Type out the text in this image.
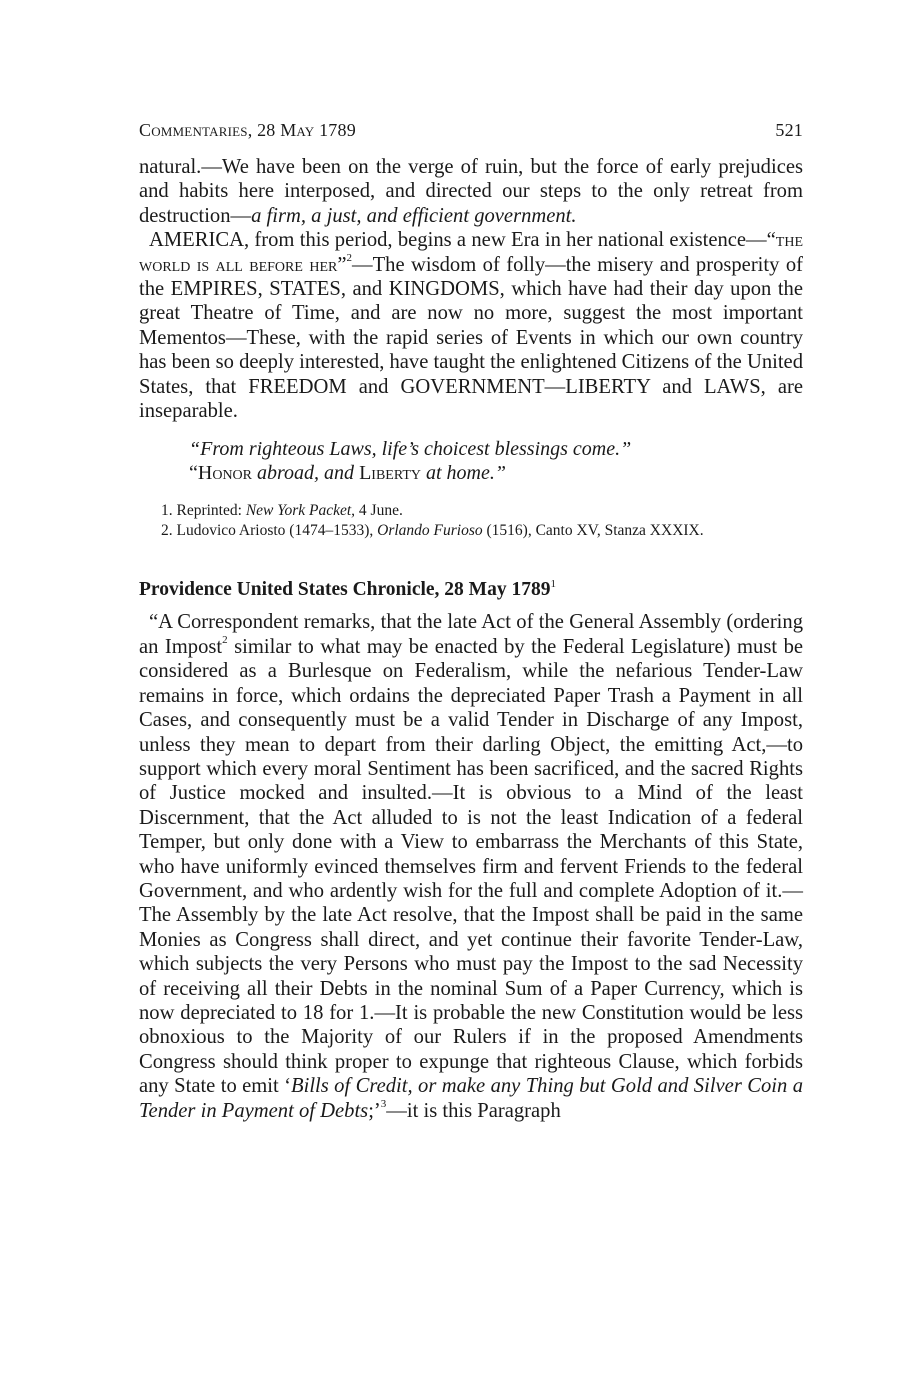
Commentaries, 28 May 1789	521

natural.—We have been on the verge of ruin, but the force of early prejudices and habits here interposed, and directed our steps to the only retreat from destruction—a firm, a just, and efficient government.

AMERICA, from this period, begins a new Era in her national existence—“the world is all before her”$^2$—The wisdom of folly—the misery and prosperity of the EMPIRES, STATES, and KINGDOMS, which have had their day upon the great Theatre of Time, and are now no more, suggest the most important Mementos—These, with the rapid series of Events in which our own country has been so deeply interested, have taught the enlightened Citizens of the United States, that FREEDOM and GOVERNMENT—LIBERTY and LAWS, are inseparable.

“From righteous Laws, life’s choicest blessings come.”
“Honor abroad, and Liberty at home.”
1. Reprinted: New York Packet, 4 June.
2. Ludovico Ariosto (1474–1533), Orlando Furioso (1516), Canto XV, Stanza XXXIX.
Providence United States Chronicle, 28 May 1789$^1$

“A Correspondent remarks, that the late Act of the General Assembly (ordering an Impost$^2$ similar to what may be enacted by the Federal Legislature) must be considered as a Burlesque on Federalism, while the nefarious Tender-Law remains in force, which ordains the depreciated Paper Trash a Payment in all Cases, and consequently must be a valid Tender in Discharge of any Impost, unless they mean to depart from their darling Object, the emitting Act,—to support which every moral Sentiment has been sacrificed, and the sacred Rights of Justice mocked and insulted.—It is obvious to a Mind of the least Discernment, that the Act alluded to is not the least Indication of a federal Temper, but only done with a View to embarrass the Merchants of this State, who have uniformly evinced themselves firm and fervent Friends to the federal Government, and who ardently wish for the full and complete Adoption of it.—The Assembly by the late Act resolve, that the Impost shall be paid in the same Monies as Congress shall direct, and yet continue their favorite Tender-Law, which subjects the very Persons who must pay the Impost to the sad Necessity of receiving all their Debts in the nominal Sum of a Paper Currency, which is now depreciated to 18 for 1.—It is probable the new Constitution would be less obnoxious to the Majority of our Rulers if in the proposed Amendments Congress should think proper to expunge that righteous Clause, which forbids any State to emit ‘Bills of Credit, or make any Thing but Gold and Silver Coin a Tender in Payment of Debts;’$^3$—it is this Paragraph
